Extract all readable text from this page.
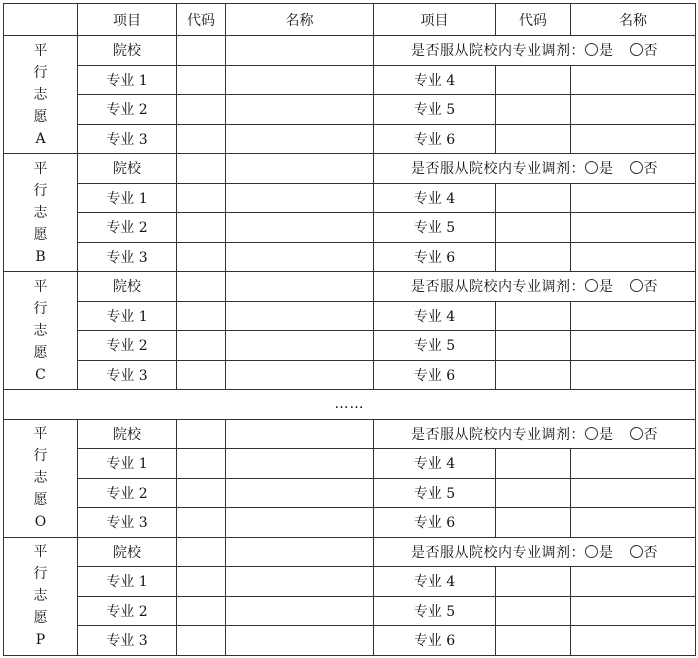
	项目	代码	名称	项目	代码	名称

平
行
志
愿
A	院校			是否服从院校内专业调剂： 是 否		
	专业 1			专业 4		
	专业 2			专业 5		
	专业 3			专业 6		

平
行
志
愿
B	院校			是否服从院校内专业调剂： 是 否		
	专业 1			专业 4		
	专业 2			专业 5		
	专业 3			专业 6		

平
行
志
愿
C	院校			是否服从院校内专业调剂： 是 否		
	专业 1			专业 4		
	专业 2			专业 5		
	专业 3			专业 6		
……						

平
行
志
愿
O	院校			是否服从院校内专业调剂： 是 否		
	专业 1			专业 4		
	专业 2			专业 5		
	专业 3			专业 6		

平
行
志
愿
P	院校			是否服从院校内专业调剂： 是 否		
	专业 1			专业 4		
	专业 2			专业 5		
	专业 3			专业 6		
